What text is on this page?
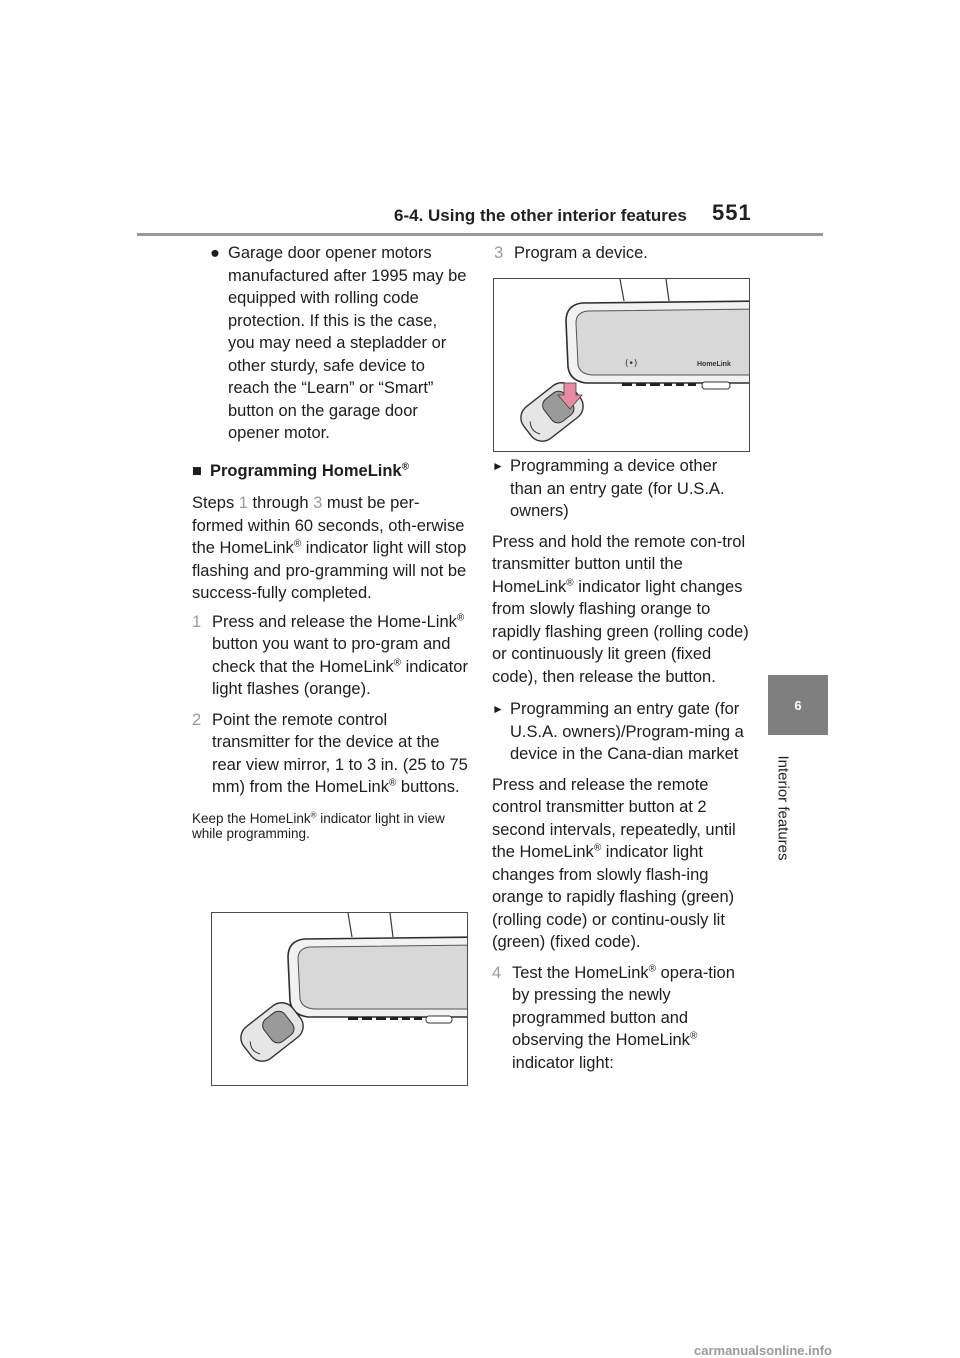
6-4. Using the other interior features 551
6
Interior features

● Garage door opener motors manufactured after 1995 may be equipped with rolling code protection. If this is the case, you may need a stepladder or other sturdy, safe device to reach the “Learn” or “Smart” button on the garage door opener motor.

■ Programming HomeLink®

Steps 1 through 3 must be per-formed within 60 seconds, oth-erwise the HomeLink® indicator light will stop flashing and pro-gramming will not be success-fully completed.

1 Press and release the Home-Link® button you want to pro-gram and check that the HomeLink® indicator light flashes (orange).

2 Point the remote control transmitter for the device at the rear view mirror, 1 to 3 in. (25 to 75 mm) from the HomeLink® buttons.

Keep the HomeLink® indicator light in view while programming.

3 Program a device.

(•)	HomeLink

► Programming a device other than an entry gate (for U.S.A. owners)

Press and hold the remote con-trol transmitter button until the HomeLink® indicator light changes from slowly flashing orange to rapidly flashing green (rolling code) or continuously lit green (fixed code), then release the button.

► Programming an entry gate (for U.S.A. owners)/Program-ming a device in the Cana-dian market

Press and release the remote control transmitter button at 2 second intervals, repeatedly, until the HomeLink® indicator light changes from slowly flash-ing orange to rapidly flashing (green) (rolling code) or continu-ously lit (green) (fixed code).

4 Test the HomeLink® opera-tion by pressing the newly programmed button and observing the HomeLink® indicator light:

carmanualsonline.info
